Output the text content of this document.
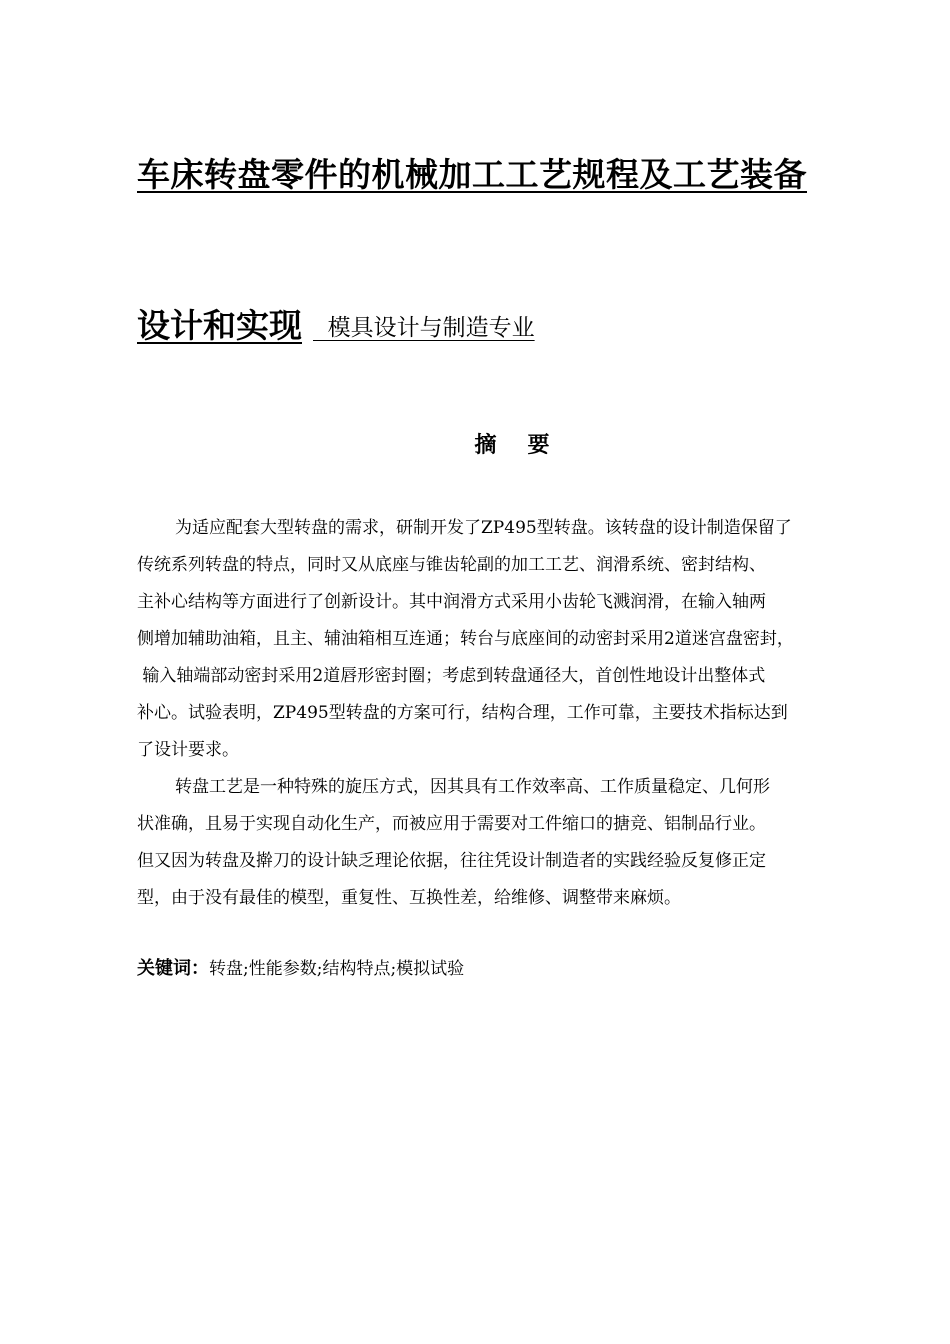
车床转盘零件的机械加工工艺规程及工艺装备
设计和实现 模具设计与制造专业
摘   要
为适应配套大型转盘的需求，研制开发了ZP495型转盘。该转盘的设计制造保留了
传统系列转盘的特点，同时又从底座与锥齿轮副的加工工艺、润滑系统、密封结构、
主补心结构等方面进行了创新设计。其中润滑方式采用小齿轮飞溅润滑，在输入轴两
侧增加辅助油箱，且主、辅油箱相互连通；转台与底座间的动密封采用2道迷宫盘密封，
输入轴端部动密封采用2道唇形密封圈；考虑到转盘通径大，首创性地设计出整体式
补心。试验表明，ZP495型转盘的方案可行，结构合理，工作可靠，主要技术指标达到
了设计要求。
转盘工艺是一种特殊的旋压方式，因其具有工作效率高、工作质量稳定、几何形
状准确，且易于实现自动化生产，而被应用于需要对工件缩口的搪竞、铝制品行业。
但又因为转盘及擀刀的设计缺乏理论依据，往往凭设计制造者的实践经验反复修正定
型，由于没有最佳的模型，重复性、互换性差，给维修、调整带来麻烦。
关键词：转盘;性能参数;结构特点;模拟试验
